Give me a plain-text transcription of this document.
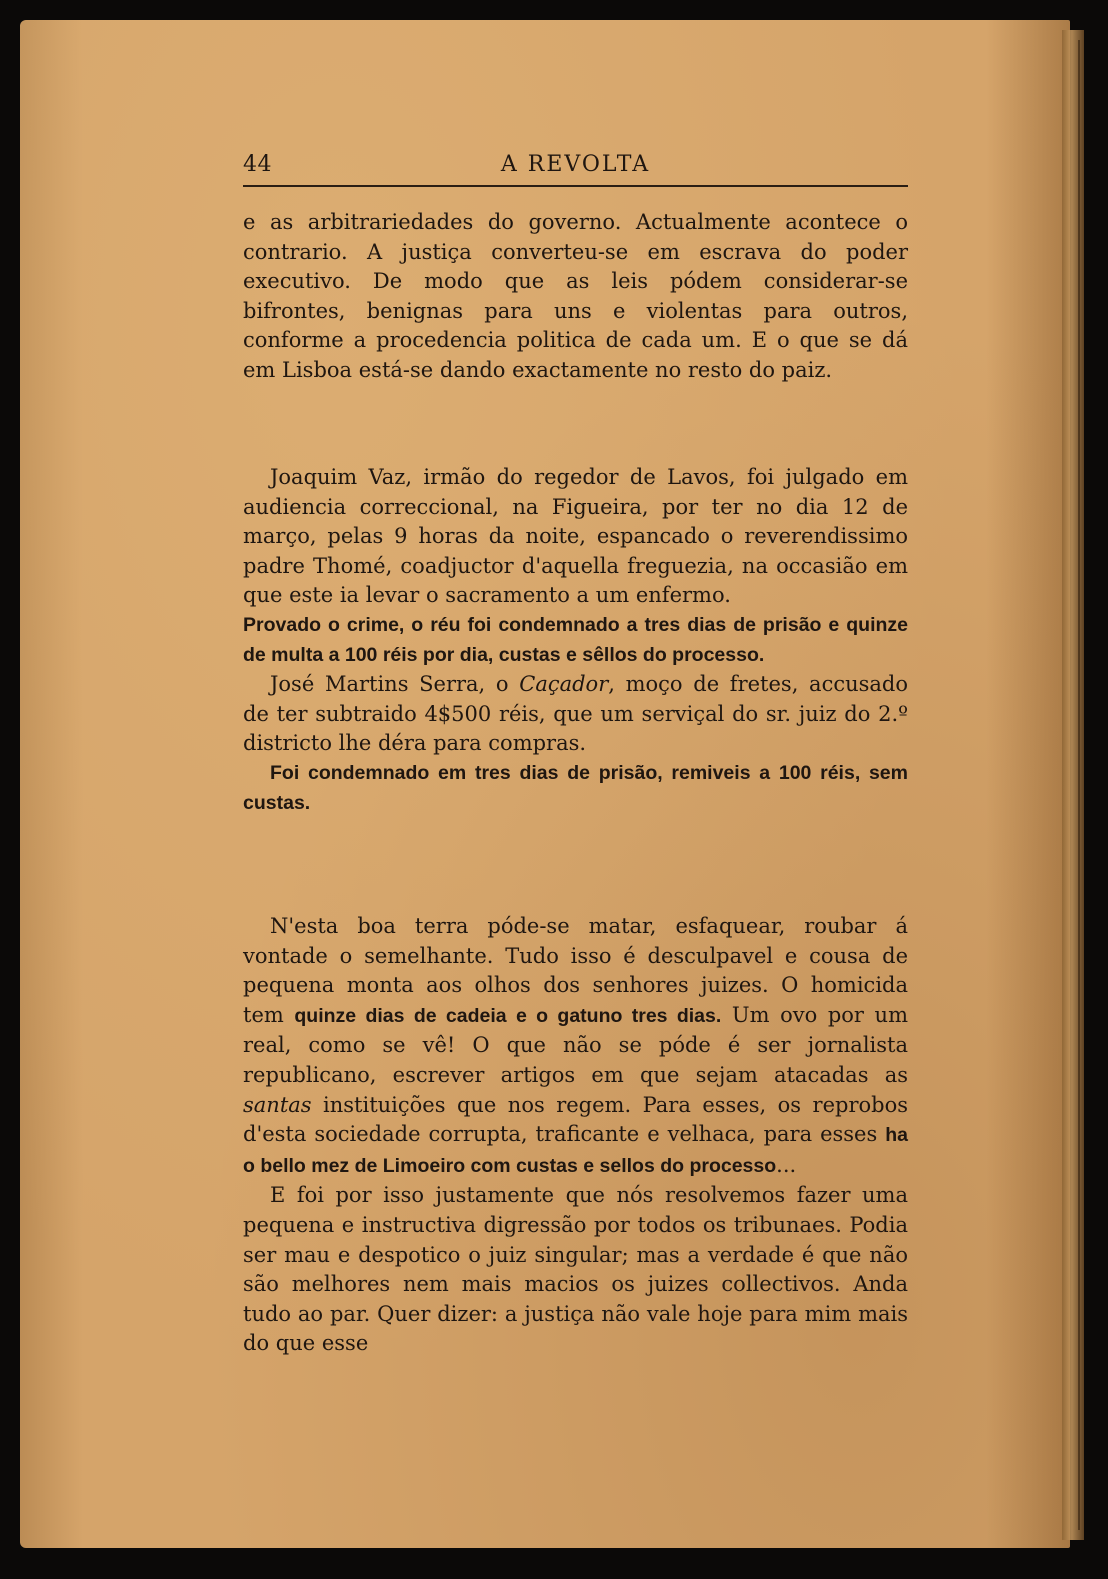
44	A REVOLTA

e as arbitrariedades do governo. Actualmente acontece o contrario. A justiça converteu-se em escrava do poder executivo. De modo que as leis pódem considerar-se bifrontes, benignas para uns e violentas para outros, conforme a procedencia politica de cada um. E o que se dá em Lisboa está-se dando exactamente no resto do paiz.

Joaquim Vaz, irmão do regedor de Lavos, foi julgado em audiencia correccional, na Figueira, por ter no dia 12 de março, pelas 9 horas da noite, espancado o reverendissimo padre Thomé, coadjuctor d'aquella freguezia, na occasião em que este ia levar o sacramento a um enfermo.

Provado o crime, o réu foi condemnado a tres dias de prisão e quinze de multa a 100 réis por dia, custas e sêllos do processo.

José Martins Serra, o Caçador, moço de fretes, accusado de ter subtraido 4$500 réis, que um serviçal do sr. juiz do 2.º districto lhe déra para compras.

Foi condemnado em tres dias de prisão, remiveis a 100 réis, sem custas.

N'esta boa terra póde-se matar, esfaquear, roubar á vontade o semelhante. Tudo isso é desculpavel e cousa de pequena monta aos olhos dos senhores juizes. O homicida tem quinze dias de cadeia e o gatuno tres dias. Um ovo por um real, como se vê! O que não se póde é ser jornalista republicano, escrever artigos em que sejam atacadas as santas instituições que nos regem. Para esses, os reprobos d'esta sociedade corrupta, traficante e velhaca, para esses ha o bello mez de Limoeiro com custas e sellos do processo...

E foi por isso justamente que nós resolvemos fazer uma pequena e instructiva digressão por todos os tribunaes. Podia ser mau e despotico o juiz singular; mas a verdade é que não são melhores nem mais macios os juizes collectivos. Anda tudo ao par. Quer dizer: a justiça não vale hoje para mim mais do que esse
